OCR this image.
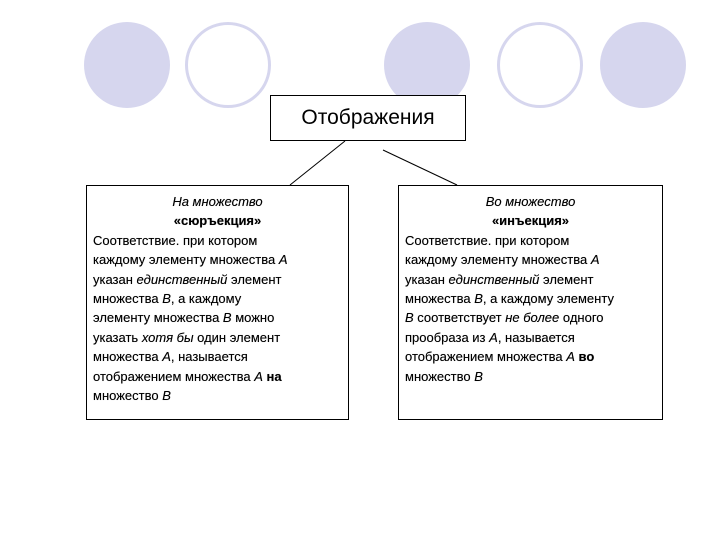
Отображения
На множество
«сюръекция»
Соответствие. при котором
каждому элементу множества А
указан единственный элемент
множества В, а каждому
элементу множества В можно
указать хотя бы один элемент
множества А, называется
отображением множества А на
множество В
Во множество
«инъекция»
Соответствие. при котором
каждому элементу множества А
указан единственный элемент
множества В, а каждому элементу
В соответствует не более одного
прообраза из А, называется
отображением множества А во
множество В
